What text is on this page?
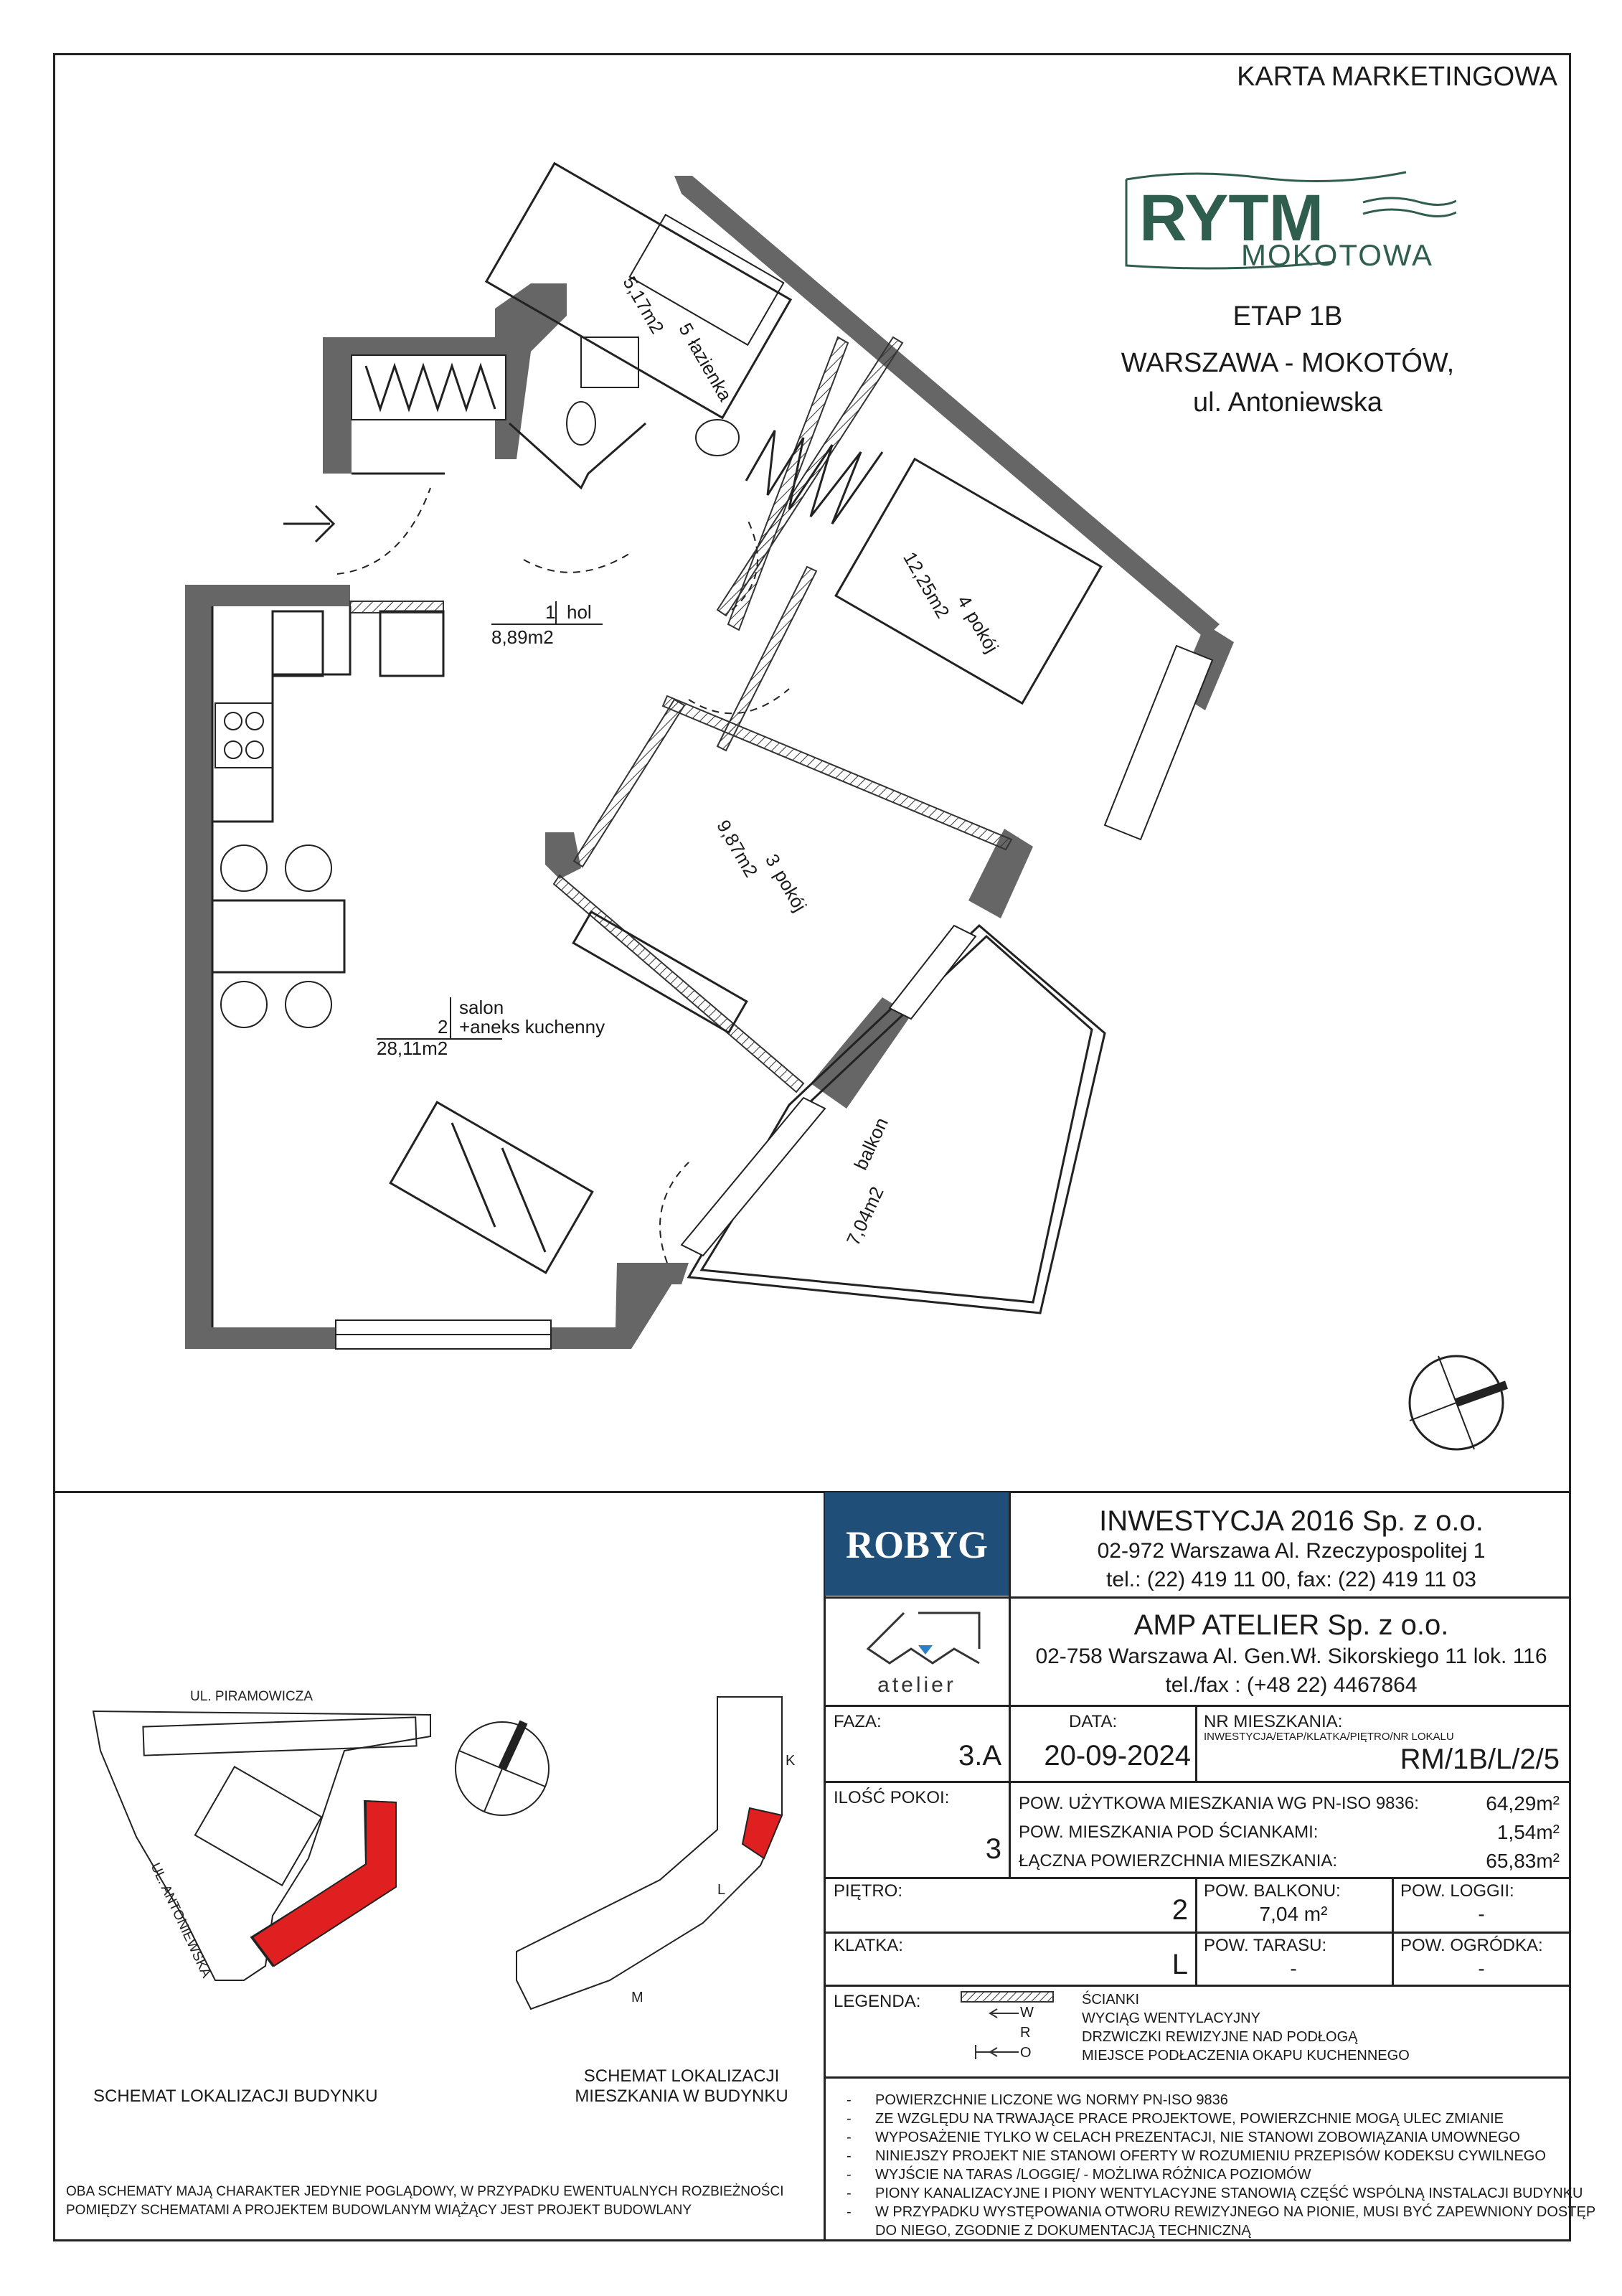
KARTA MARKETINGOWA
RYTM
MOKOTOWA
ETAP 1B
WARSZAWA - MOKOTÓW,
ul. Antoniewska
1 hol
8,89m2
salon
2 +aneks kuchenny
28,11m2
3
pokój
9,87m2
4
pokój
12,25m2
5
łazienka
5,17m2
balkon
7,04m2
ROBYG
INWESTYCJA 2016 Sp. z o.o.
02-972 Warszawa Al. Rzeczypospolitej 1
tel.: (22) 419 11 00, fax: (22) 419 11 03
atelier
AMP ATELIER Sp. z o.o.
02-758 Warszawa Al. Gen.Wł. Sikorskiego 11 lok. 116
tel./fax : (+48 22) 4467864
FAZA:
3.A
DATA:
20-09-2024
NR MIESZKANIA:
INWESTYCJA/ETAP/KLATKA/PIĘTRO/NR LOKALU
RM/1B/L/2/5
ILOŚĆ POKOI:
3
POW. UŻYTKOWA MIESZKANIA WG PN-ISO 9836:	64,29m²
POW. MIESZKANIA POD ŚCIANKAMI:	1,54m²
ŁĄCZNA POWIERZCHNIA MIESZKANIA:	65,83m²
PIĘTRO:
2
POW. BALKONU:
7,04 m²
POW. LOGGII:
-
KLATKA:
L
POW. TARASU:
-
POW. OGRÓDKA:
-
LEGENDA:
W
R
O
ŚCIANKI
WYCIĄG WENTYLACYJNY
DRZWICZKI REWIZYJNE NAD PODŁOGĄ
MIEJSCE PODŁACZENIA OKAPU KUCHENNEGO
- POWIERZCHNIE LICZONE WG NORMY PN-ISO 9836
- ZE WZGLĘDU NA TRWAJĄCE PRACE PROJEKTOWE, POWIERZCHNIE MOGĄ ULEC ZMIANIE
- WYPOSAŻENIE TYLKO W CELACH PREZENTACJI, NIE STANOWI ZOBOWIĄZANIA UMOWNEGO
- NINIEJSZY PROJEKT NIE STANOWI OFERTY W ROZUMIENIU PRZEPISÓW KODEKSU CYWILNEGO
- WYJŚCIE NA TARAS /LOGGIĘ/ - MOŻLIWA RÓŻNICA POZIOMÓW
- PIONY KANALIZACYJNE I PIONY WENTYLACYJNE STANOWIĄ CZĘŚĆ WSPÓLNĄ INSTALACJI BUDYNKU
- W PRZYPADKU WYSTĘPOWANIA OTWORU REWIZYJNEGO NA PIONIE, MUSI BYĆ ZAPEWNIONY DOSTĘP
DO NIEGO, ZGODNIE Z DOKUMENTACJĄ TECHNICZNĄ
UL. PIRAMOWICZA
UL. ANTONIEWSKA
K
L
M
SCHEMAT LOKALIZACJI BUDYNKU
SCHEMAT LOKALIZACJI
MIESZKANIA W BUDYNKU
OBA SCHEMATY MAJĄ CHARAKTER JEDYNIE POGLĄDOWY, W PRZYPADKU EWENTUALNYCH ROZBIEŻNOŚCI
POMIĘDZY SCHEMATAMI A PROJEKTEM BUDOWLANYM WIĄŻĄCY JEST PROJEKT BUDOWLANY
